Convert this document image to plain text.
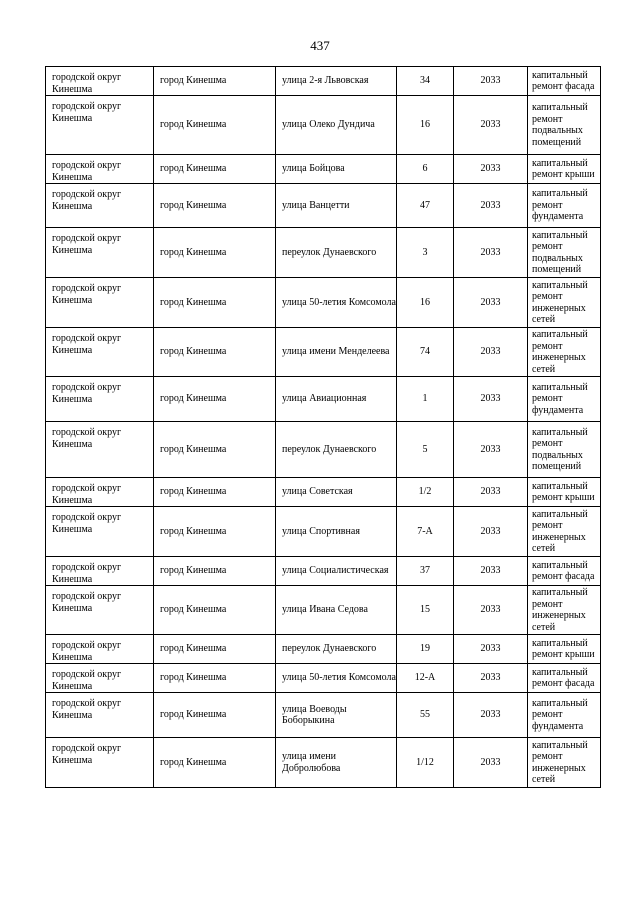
437
городской округ Кинешма	город Кинешма	улица 2-я Львовская	34	2033	капитальный ремонт фасада
городской округ Кинешма	город Кинешма	улица Олеко Дундича	16	2033	капитальный ремонт подвальных помещений
городской округ Кинешма	город Кинешма	улица Бойцова	6	2033	капитальный ремонт крыши
городской округ Кинешма	город Кинешма	улица Ванцетти	47	2033	капитальный ремонт фундамента
городской округ Кинешма	город Кинешма	переулок Дунаевского	3	2033	капитальный ремонт подвальных помещений
городской округ Кинешма	город Кинешма	улица 50-летия Комсомола	16	2033	капитальный ремонт инженерных сетей
городской округ Кинешма	город Кинешма	улица имени Менделеева	74	2033	капитальный ремонт инженерных сетей
городской округ Кинешма	город Кинешма	улица Авиационная	1	2033	капитальный ремонт фундамента
городской округ Кинешма	город Кинешма	переулок Дунаевского	5	2033	капитальный ремонт подвальных помещений
городской округ Кинешма	город Кинешма	улица Советская	1/2	2033	капитальный ремонт крыши
городской округ Кинешма	город Кинешма	улица Спортивная	7-А	2033	капитальный ремонт инженерных сетей
городской округ Кинешма	город Кинешма	улица Социалистическая	37	2033	капитальный ремонт фасада
городской округ Кинешма	город Кинешма	улица Ивана Седова	15	2033	капитальный ремонт инженерных сетей
городской округ Кинешма	город Кинешма	переулок Дунаевского	19	2033	капитальный ремонт крыши
городской округ Кинешма	город Кинешма	улица 50-летия Комсомола	12-А	2033	капитальный ремонт фасада
городской округ Кинешма	город Кинешма	улица Воеводы Боборыкина	55	2033	капитальный ремонт фундамента
городской округ Кинешма	город Кинешма	улица имени Добролюбова	1/12	2033	капитальный ремонт инженерных сетей
